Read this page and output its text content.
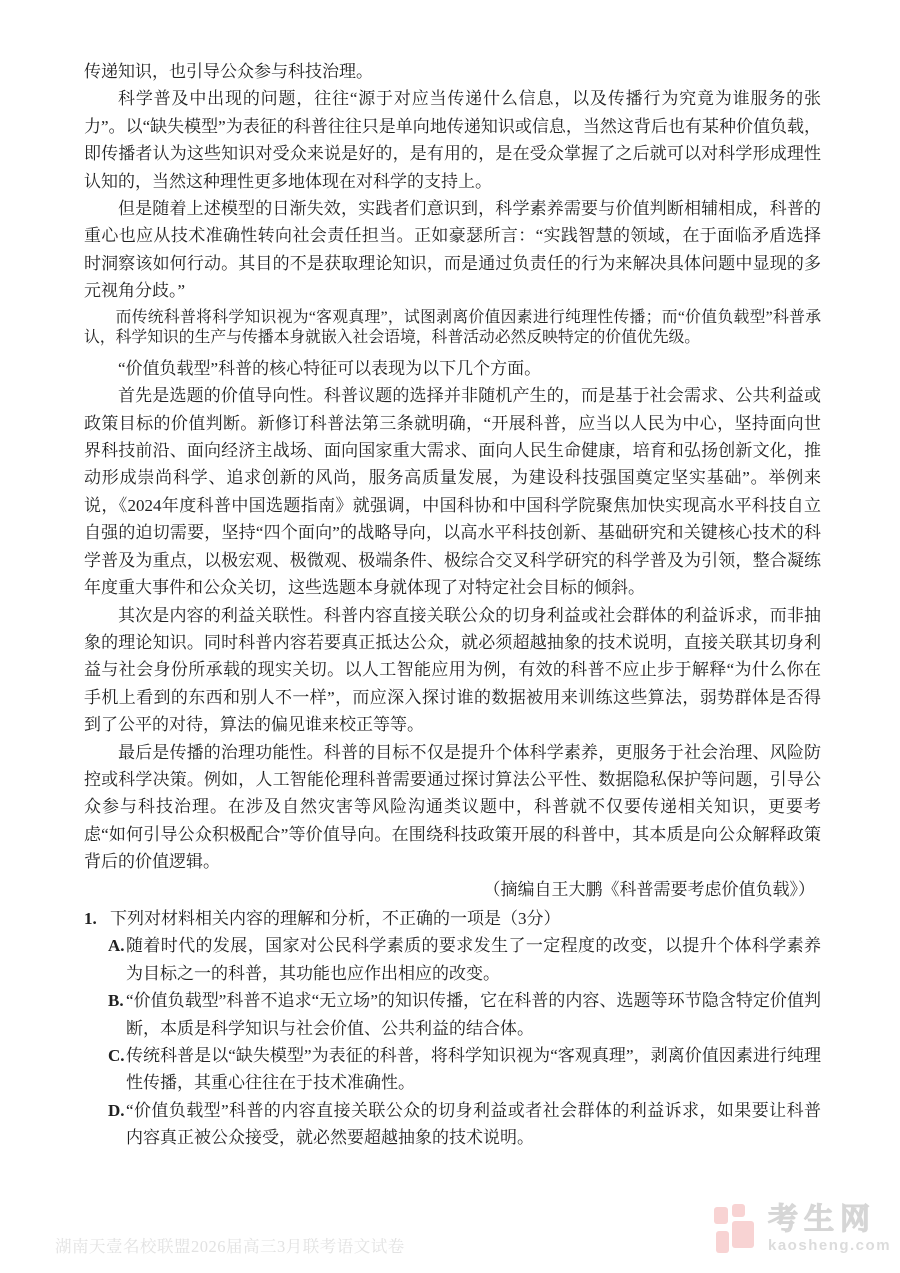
传递知识，也引导公众参与科技治理。

科学普及中出现的问题，往往“源于对应当传递什么信息，以及传播行为究竟为谁服务的张力”。以“缺失模型”为表征的科普往往只是单向地传递知识或信息，当然这背后也有某种价值负载，即传播者认为这些知识对受众来说是好的，是有用的，是在受众掌握了之后就可以对科学形成理性认知的，当然这种理性更多地体现在对科学的支持上。

但是随着上述模型的日渐失效，实践者们意识到，科学素养需要与价值判断相辅相成，科普的重心也应从技术准确性转向社会责任担当。正如豪瑟所言：“实践智慧的领域，在于面临矛盾选择时洞察该如何行动。其目的不是获取理论知识，而是通过负责任的行为来解决具体问题中显现的多元视角分歧。”

而传统科普将科学知识视为“客观真理”，试图剥离价值因素进行纯理性传播；而“价值负载型”科普承认，科学知识的生产与传播本身就嵌入社会语境，科普活动必然反映特定的价值优先级。

“价值负载型”科普的核心特征可以表现为以下几个方面。

首先是选题的价值导向性。科普议题的选择并非随机产生的，而是基于社会需求、公共利益或政策目标的价值判断。新修订科普法第三条就明确，“开展科普，应当以人民为中心，坚持面向世界科技前沿、面向经济主战场、面向国家重大需求、面向人民生命健康，培育和弘扬创新文化，推动形成崇尚科学、追求创新的风尚，服务高质量发展，为建设科技强国奠定坚实基础”。举例来说，《2024年度科普中国选题指南》就强调，中国科协和中国科学院聚焦加快实现高水平科技自立自强的迫切需要，坚持“四个面向”的战略导向，以高水平科技创新、基础研究和关键核心技术的科学普及为重点，以极宏观、极微观、极端条件、极综合交叉科学研究的科学普及为引领，整合凝练年度重大事件和公众关切，这些选题本身就体现了对特定社会目标的倾斜。

其次是内容的利益关联性。科普内容直接关联公众的切身利益或社会群体的利益诉求，而非抽象的理论知识。同时科普内容若要真正抵达公众，就必须超越抽象的技术说明，直接关联其切身利益与社会身份所承载的现实关切。以人工智能应用为例，有效的科普不应止步于解释“为什么你在手机上看到的东西和别人不一样”，而应深入探讨谁的数据被用来训练这些算法，弱势群体是否得到了公平的对待，算法的偏见谁来校正等等。

最后是传播的治理功能性。科普的目标不仅是提升个体科学素养，更服务于社会治理、风险防控或科学决策。例如，人工智能伦理科普需要通过探讨算法公平性、数据隐私保护等问题，引导公众参与科技治理。在涉及自然灾害等风险沟通类议题中，科普就不仅要传递相关知识，更要考虑“如何引导公众积极配合”等价值导向。在围绕科技政策开展的科普中，其本质是向公众解释政策背后的价值逻辑。

（摘编自王大鹏《科普需要考虑价值负载》）

1. 下列对材料相关内容的理解和分析，不正确的一项是（3分）
A. 随着时代的发展，国家对公民科学素质的要求发生了一定程度的改变，以提升个体科学素养为目标之一的科普，其功能也应作出相应的改变。
B. “价值负载型”科普不追求“无立场”的知识传播，它在科普的内容、选题等环节隐含特定价值判断，本质是科学知识与社会价值、公共利益的结合体。
C. 传统科普是以“缺失模型”为表征的科普，将科学知识视为“客观真理”，剥离价值因素进行纯理性传播，其重心往往在于技术准确性。
D. “价值负载型”科普的内容直接关联公众的切身利益或者社会群体的利益诉求，如果要让科普内容真正被公众接受，就必然要超越抽象的技术说明。
湖南天壹名校联盟2026届高三3月联考语文试卷
考生网
kaosheng.com
